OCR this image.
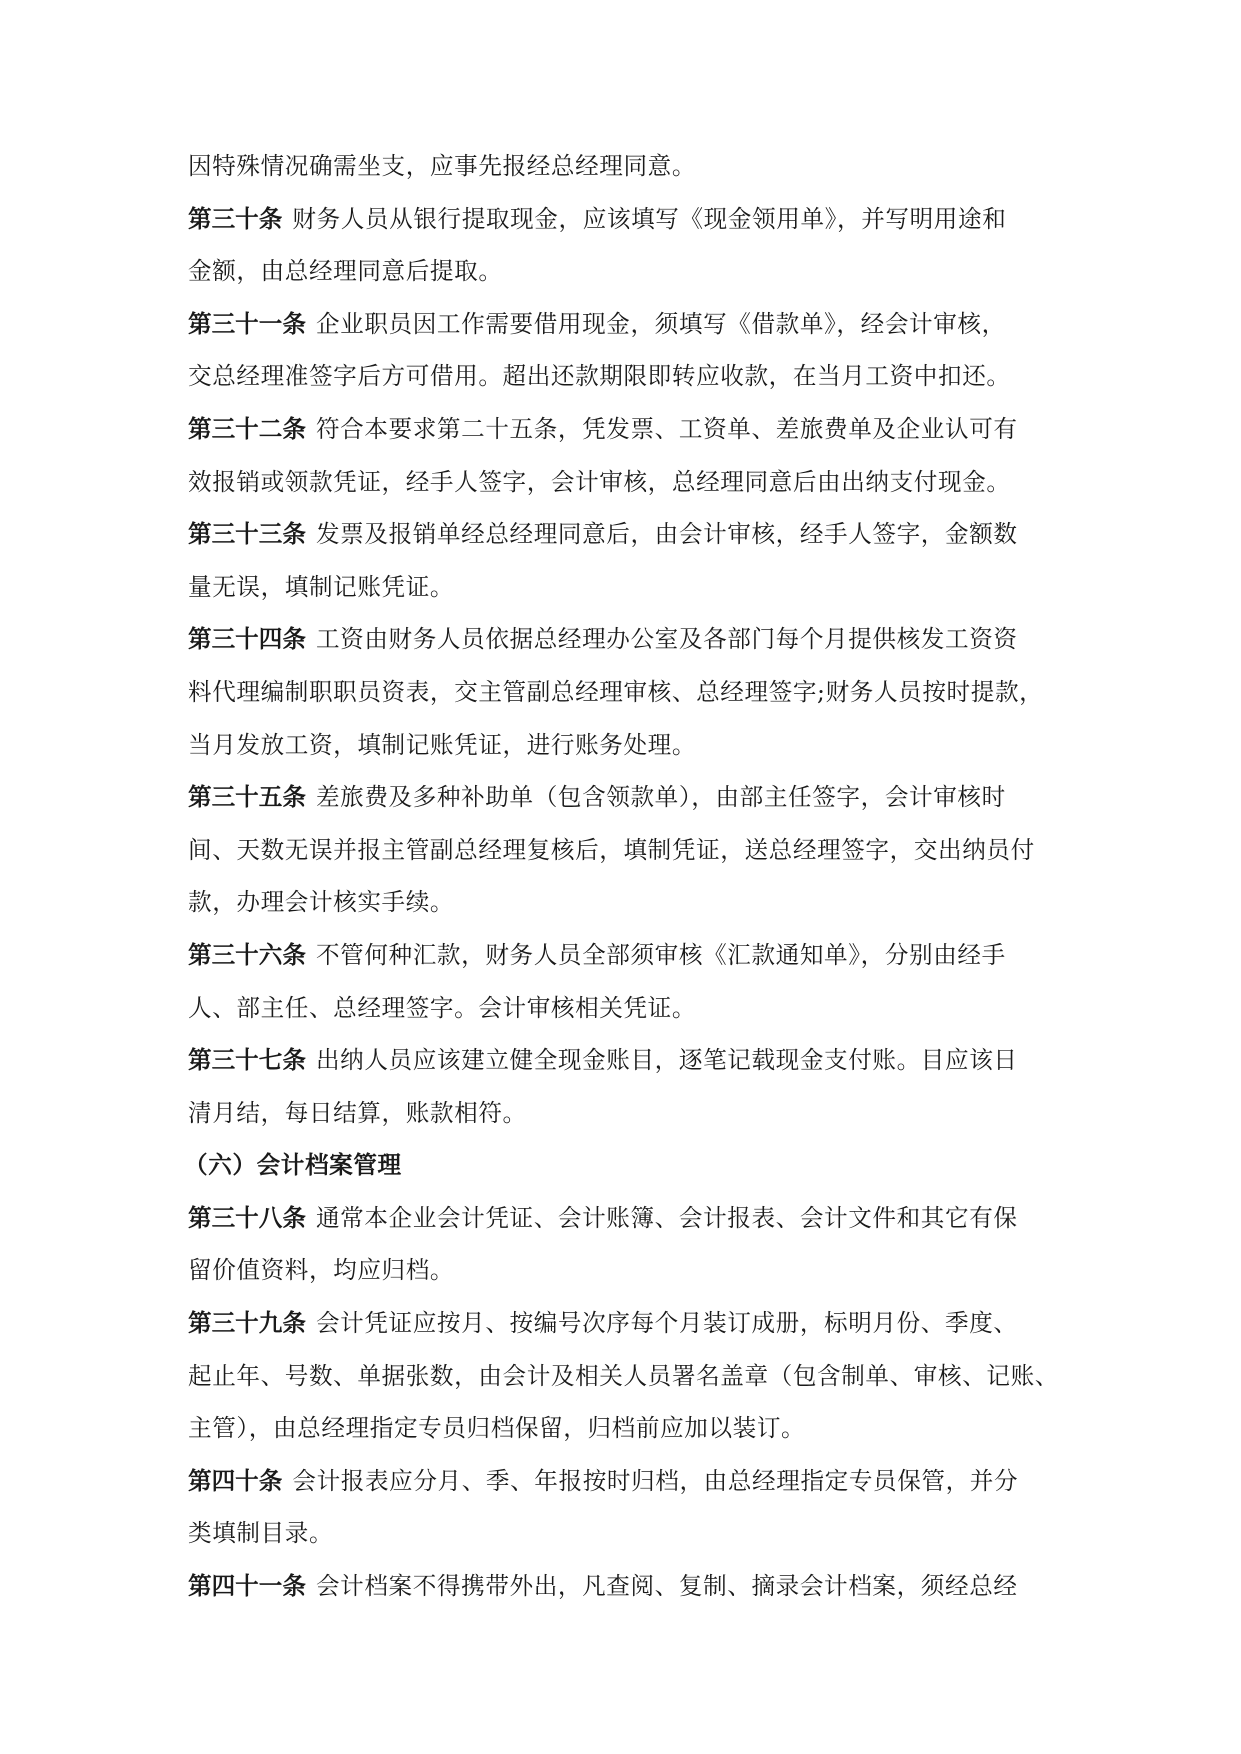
因特殊情况确需坐支，应事先报经总经理同意。
第三十条 财务人员从银行提取现金，应该填写《现金领用单》，并写明用途和
金额，由总经理同意后提取。
第三十一条 企业职员因工作需要借用现金，须填写《借款单》，经会计审核，
交总经理准签字后方可借用。超出还款期限即转应收款，在当月工资中扣还。
第三十二条 符合本要求第二十五条，凭发票、工资单、差旅费单及企业认可有
效报销或领款凭证，经手人签字，会计审核，总经理同意后由出纳支付现金。
第三十三条 发票及报销单经总经理同意后，由会计审核，经手人签字，金额数
量无误，填制记账凭证。
第三十四条 工资由财务人员依据总经理办公室及各部门每个月提供核发工资资
料代理编制职职员资表，交主管副总经理审核、总经理签字;财务人员按时提款，
当月发放工资，填制记账凭证，进行账务处理。
第三十五条 差旅费及多种补助单（包含领款单），由部主任签字，会计审核时
间、天数无误并报主管副总经理复核后，填制凭证，送总经理签字，交出纳员付
款，办理会计核实手续。
第三十六条 不管何种汇款，财务人员全部须审核《汇款通知单》，分别由经手
人、部主任、总经理签字。会计审核相关凭证。
第三十七条 出纳人员应该建立健全现金账目，逐笔记载现金支付账。目应该日
清月结，每日结算，账款相符。
（六）会计档案管理
第三十八条 通常本企业会计凭证、会计账簿、会计报表、会计文件和其它有保
留价值资料，均应归档。
第三十九条 会计凭证应按月、按编号次序每个月装订成册，标明月份、季度、
起止年、号数、单据张数，由会计及相关人员署名盖章（包含制单、审核、记账、
主管），由总经理指定专员归档保留，归档前应加以装订。
第四十条 会计报表应分月、季、年报按时归档，由总经理指定专员保管，并分
类填制目录。
第四十一条 会计档案不得携带外出，凡查阅、复制、摘录会计档案，须经总经
